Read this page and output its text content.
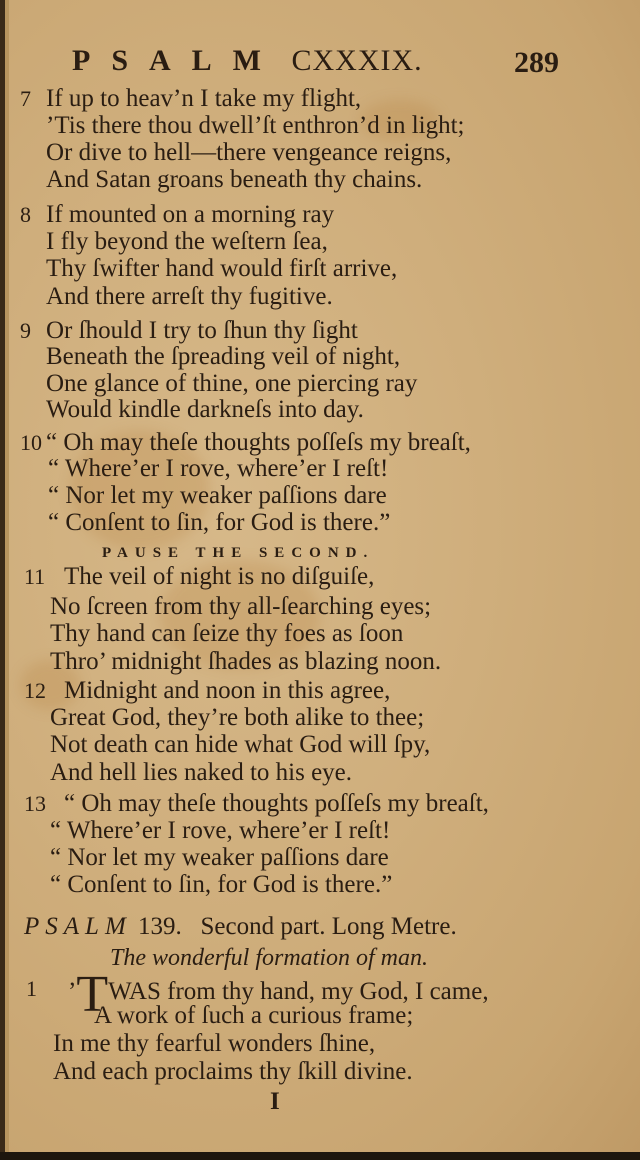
PSALM CXXXIX.	289
7 If up to heav’n I take my flight,
’Tis there thou dwell’ſt enthron’d in light;
Or dive to hell—there vengeance reigns,
And Satan groans beneath thy chains.
8 If mounted on a morning ray
I fly beyond the weſtern ſea,
Thy ſwifter hand would firſt arrive,
And there arreſt thy fugitive.
9 Or ſhould I try to ſhun thy ſight
Beneath the ſpreading veil of night,
One glance of thine, one piercing ray
Would kindle darkneſs into day.
10 “ Oh may theſe thoughts poſſeſs my breaſt,
“ Where’er I rove, where’er I reſt!
“ Nor let my weaker paſſions dare
“ Conſent to ſin, for God is there.”
PAUSE THE SECOND.
11 The veil of night is no diſguiſe,
No ſcreen from thy all-ſearching eyes;
Thy hand can ſeize thy foes as ſoon
Thro’ midnight ſhades as blazing noon.
12 Midnight and noon in this agree,
Great God, they’re both alike to thee;
Not death can hide what God will ſpy,
And hell lies naked to his eye.
13 “ Oh may theſe thoughts poſſeſs my breaſt,
“ Where’er I rove, where’er I reſt!
“ Nor let my weaker paſſions dare
“ Conſent to ſin, for God is there.”
PSALM 139. Second part. Long Metre.
The wonderful formation of man.
1	’TWAS from thy hand, my God, I came,
A work of ſuch a curious frame;
In me thy fearful wonders ſhine,
And each proclaims thy ſkill divine.
I
